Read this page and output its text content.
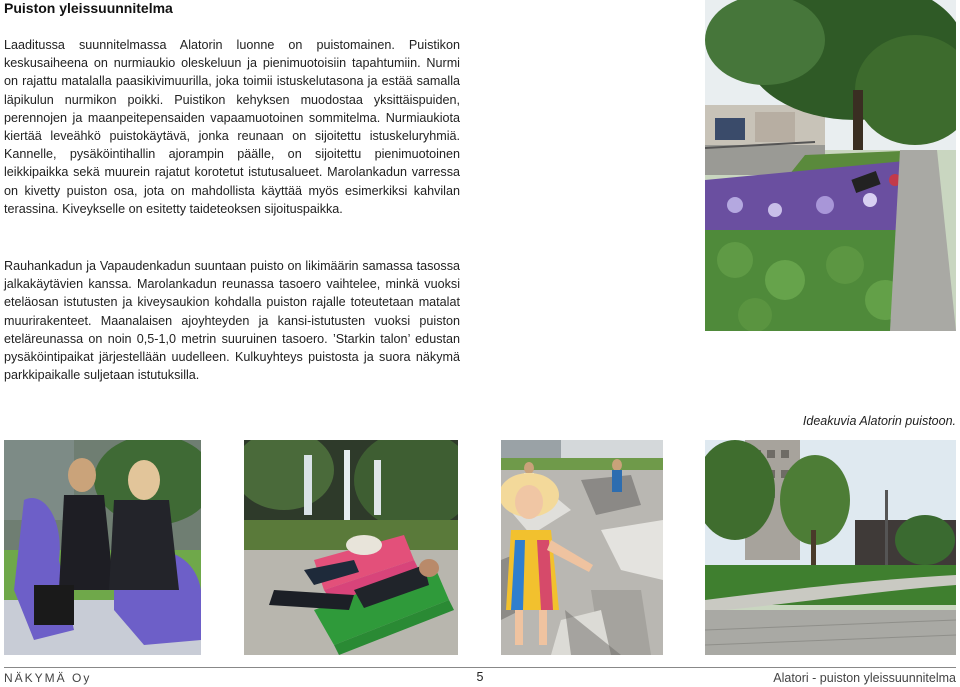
Puiston yleissuunnitelma

Laaditussa suunnitelmassa Alatorin luonne on puistomainen. Puistikon keskusaiheena on nurmiaukio oleskeluun ja pienimuotoisiin tapahtumiin. Nurmi on rajattu matalalla paasikivimuurilla, joka toimii istuskelutasona ja estää samalla läpikulun nurmikon poikki. Puistikon kehyksen muodostaa yksittäispuiden, perennojen ja maanpeitepensaiden vapaamuotoinen sommitelma. Nurmiaukiota kiertää leveähkö puistokäytävä, jonka reunaan on sijoitettu istuskeluryhmiä. Kannelle, pysäköintihallin ajorampin päälle, on sijoitettu pienimuotoinen leikkipaikka sekä muurein rajatut korotetut istutusalueet. Marolankadun varressa on kivetty puiston osa, jota on mahdollista käyttää myös esimerkiksi kahvilan terassina. Kiveykselle on esitetty taideteoksen sijoituspaikka.

Rauhankadun ja Vapaudenkadun suuntaan puisto on likimäärin samassa tasossa jalkakäytävien kanssa. Marolankadun reunassa tasoero vaihtelee, minkä vuoksi eteläosan istutusten ja kiveysaukion kohdalla puiston rajalle toteutetaan matalat muurirakenteet. Maanalaisen ajoyhteyden ja kansi-istutusten vuoksi puiston eteläreunassa on noin 0,5-1,0 metrin suuruinen tasoero. ’Starkin talon’ edustan pysäköintipaikat järjestellään uudelleen. Kulkuyhteys puistosta ja suora näkymä parkkipaikalle suljetaan istutuksilla.

Ideakuvia Alatorin puistoon.
NÄKYMÄ Oy	5	Alatori - puiston yleissuunnitelma
